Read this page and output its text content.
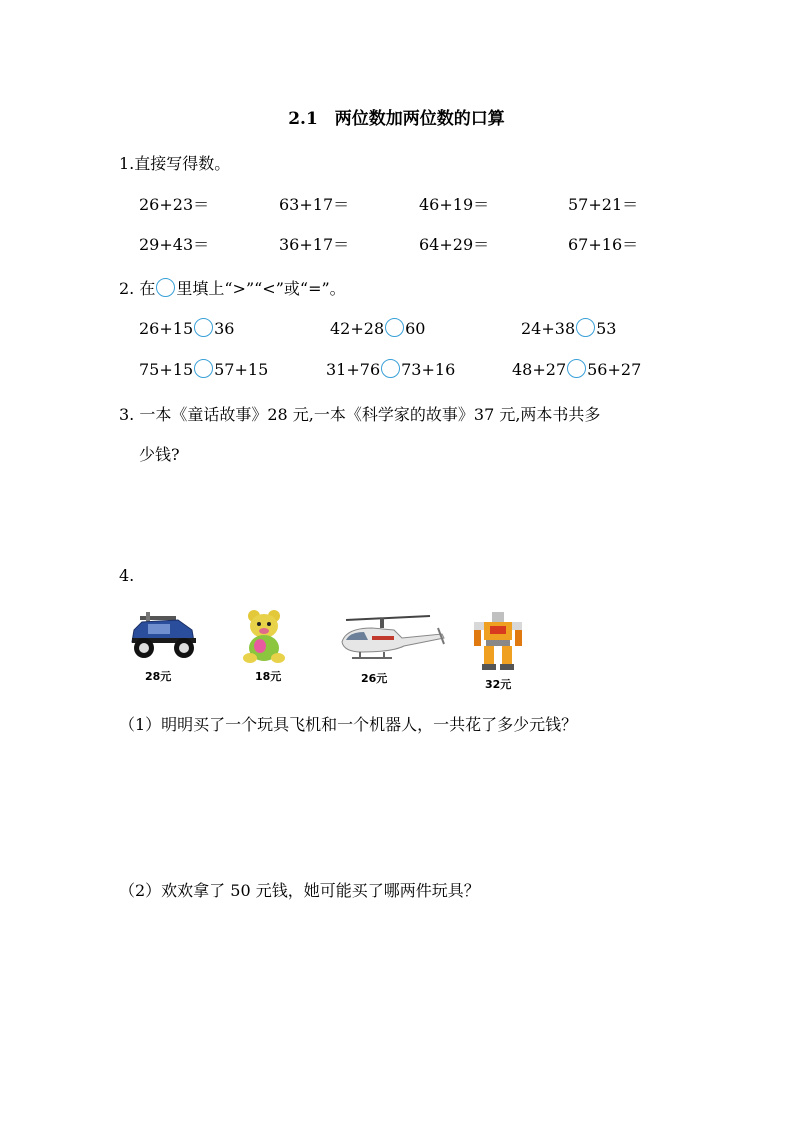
2.1　两位数加两位数的口算
1.直接写得数。
26+23＝	63+17＝	46+19＝	57+21＝
29+43＝	36+17＝	64+29＝	67+16＝
2. 在 里填上“>”“<”或“=”。
26+15 36	42+28 60	24+38 53
75+15 57+15	31+76 73+16	48+27 56+27
3. 一本《童话故事》28 元,一本《科学家的故事》37 元,两本书共多
少钱?
4.
28元	18元	26元	32元
（1）明明买了一个玩具飞机和一个机器人，一共花了多少元钱？
（2）欢欢拿了 50 元钱，她可能买了哪两件玩具？
